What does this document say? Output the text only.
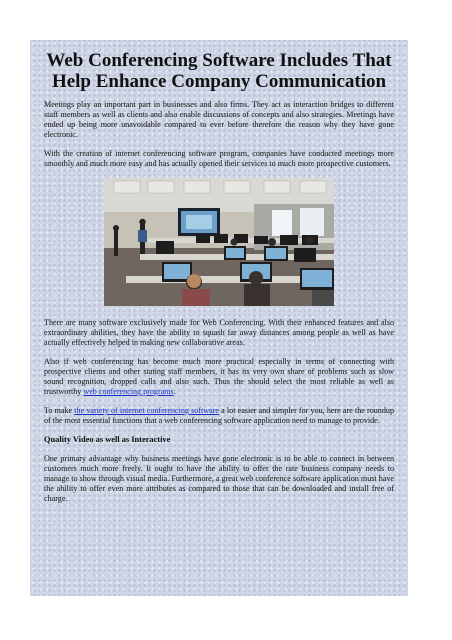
Web Conferencing Software Includes That Help Enhance Company Communication

Meetings play an important part in businesses and also firms. They act as interaction bridges to different staff members as well as clients and also enable discussions of concepts and also strategies. Meetings have ended up being more unavoidable compared to ever before therefore the reason why they have gone electronic.

With the creation of internet conferencing software program, companies have conducted meetings more smoothly and much more easy and has actually opened their services to much more prospective customers.

There are many software exclusively made for Web Conferencing. With their enhanced features and also extraordinary abilities, they have the ability to squash far away distances among people as well as have actually effectively helped in making new collaborative areas.

Also if web conferencing has become much more practical especially in terms of connecting with prospective clients and other stating staff members, it has its very own share of problems such as slow sound recognition, dropped calls and also such. Thus the should select the most reliable as well as trustworthy web conferencing programs.

To make the variety of internet conferencing software a lot easier and simpler for you, here are the roundup of the most essential functions that a web conferencing software application need to manage to provide.

Quality Video as well as Interactive

One primary advantage why business meetings have gone electronic is to be able to connect in between customers much more freely. It ought to have the ability to offer the rate business company needs to manage to show through visual media. Furthermore, a great web conference software application must have the ability to offer even more attributes as compared to those that can be downloaded and install free of charge.
